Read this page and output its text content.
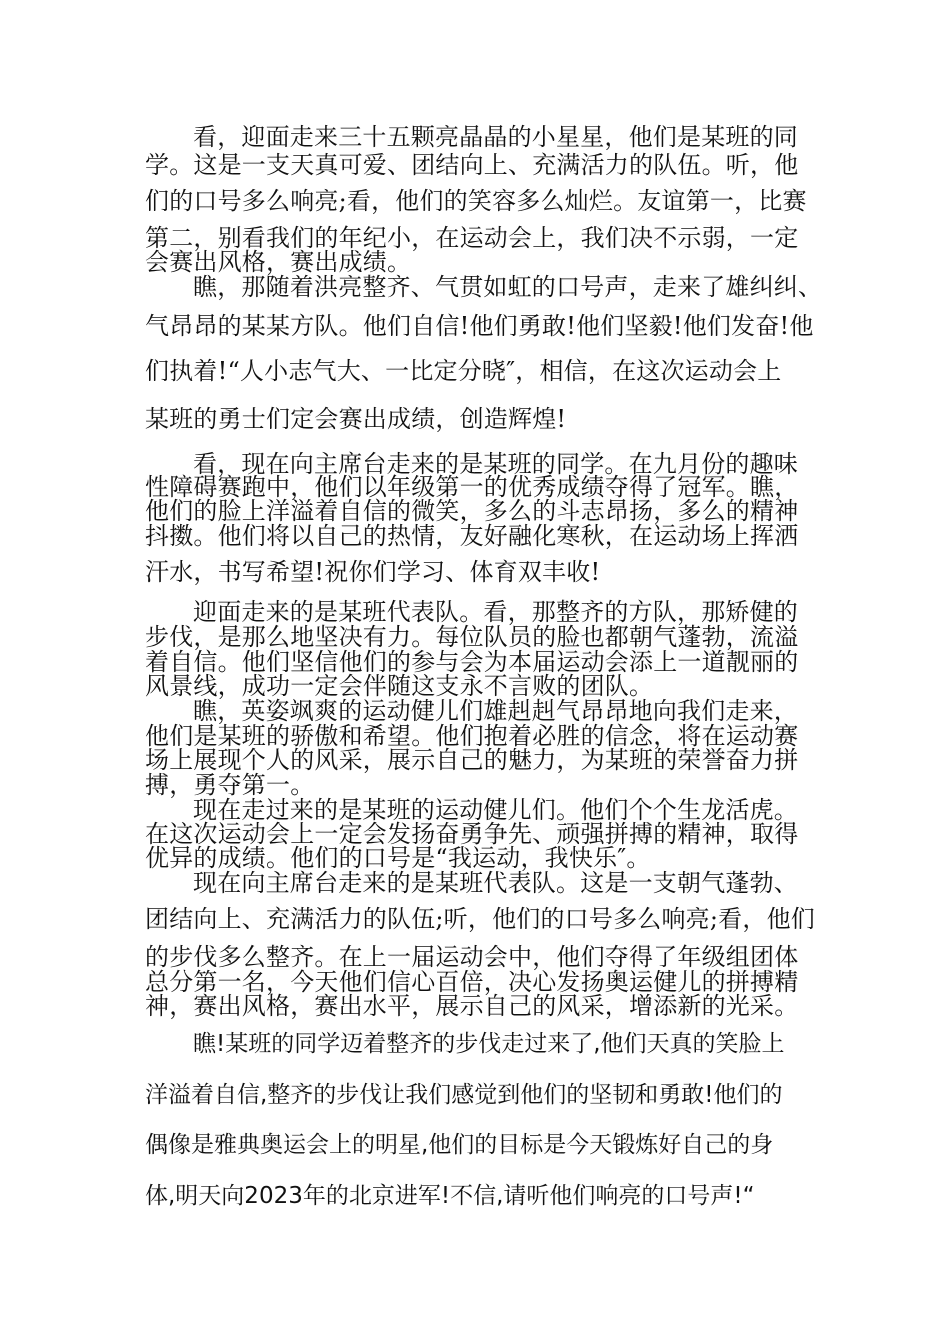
看，迎面走来三十五颗亮晶晶的小星星，他们是某班的同
学。这是一支天真可爱、团结向上、充满活力的队伍。听，他
们的口号多么响亮;看，他们的笑容多么灿烂。友谊第一，比赛
第二，别看我们的年纪小，在运动会上，我们决不示弱，一定
会赛出风格，赛出成绩。
瞧，那随着洪亮整齐、气贯如虹的口号声，走来了雄纠纠、
气昂昂的某某方队。他们自信!他们勇敢!他们坚毅!他们发奋!他
们执着!“人小志气大、一比定分晓″，相信，在这次运动会上
某班的勇士们定会赛出成绩，创造辉煌!
看，现在向主席台走来的是某班的同学。在九月份的趣味
性障碍赛跑中，他们以年级第一的优秀成绩夺得了冠军。瞧，
他们的脸上洋溢着自信的微笑，多么的斗志昂扬，多么的精神
抖擞。他们将以自己的热情，友好融化寒秋，在运动场上挥洒
汗水，书写希望!祝你们学习、体育双丰收!
迎面走来的是某班代表队。看，那整齐的方队，那矫健的
步伐，是那么地坚决有力。每位队员的脸也都朝气蓬勃，流溢
着自信。他们坚信他们的参与会为本届运动会添上一道靓丽的
风景线，成功一定会伴随这支永不言败的团队。
瞧，英姿飒爽的运动健儿们雄赳赳气昂昂地向我们走来，
他们是某班的骄傲和希望。他们抱着必胜的信念，将在运动赛
场上展现个人的风采，展示自己的魅力，为某班的荣誉奋力拼
搏，勇夺第一。
现在走过来的是某班的运动健儿们。他们个个生龙活虎。
在这次运动会上一定会发扬奋勇争先、顽强拼搏的精神，取得
优异的成绩。他们的口号是“我运动，我快乐″。
现在向主席台走来的是某班代表队。这是一支朝气蓬勃、
团结向上、充满活力的队伍;听，他们的口号多么响亮;看，他们
的步伐多么整齐。在上一届运动会中，他们夺得了年级组团体
总分第一名，今天他们信心百倍，决心发扬奥运健儿的拼搏精
神，赛出风格，赛出水平，展示自己的风采，增添新的光采。
瞧!某班的同学迈着整齐的步伐走过来了,他们天真的笑脸上
洋溢着自信,整齐的步伐让我们感觉到他们的坚韧和勇敢!他们的
偶像是雅典奥运会上的明星,他们的目标是今天锻炼好自己的身
体,明天向2023年的北京进军!不信,请听他们响亮的口号声!“
